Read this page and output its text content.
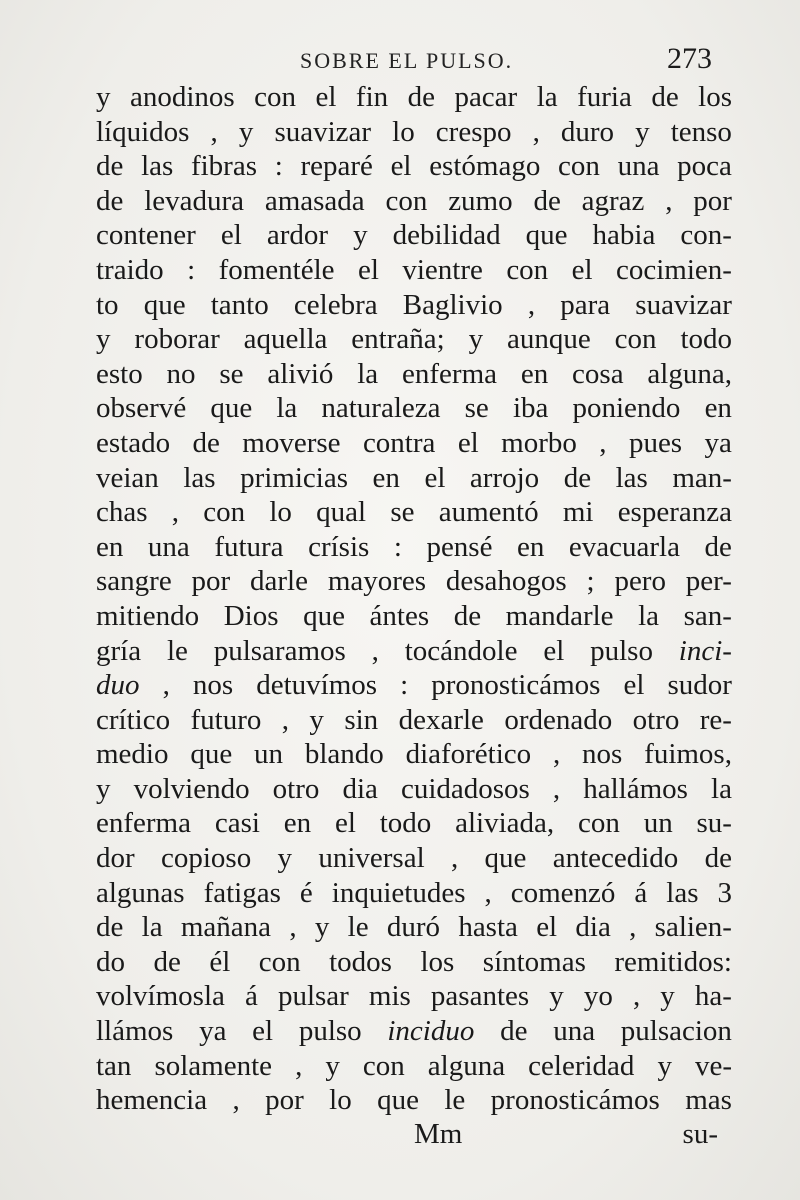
SOBRE EL PULSO.	273
y anodinos con el fin de pacar la furia de los
líquidos , y suavizar lo crespo , duro y tenso
de las fibras : reparé el estómago con una poca
de levadura amasada con zumo de agraz , por
contener el ardor y debilidad que habia con-
traido : fomentéle el vientre con el cocimien-
to que tanto celebra Baglivio , para suavizar
y roborar aquella entraña; y aunque con todo
esto no se alivió la enferma en cosa alguna,
observé que la naturaleza se iba poniendo en
estado de moverse contra el morbo , pues ya
veian las primicias en el arrojo de las man-
chas , con lo qual se aumentó mi esperanza
en una futura crísis : pensé en evacuarla de
sangre por darle mayores desahogos ; pero per-
mitiendo Dios que ántes de mandarle la san-
gría le pulsaramos , tocándole el pulso inci-
duo , nos detuvímos : pronosticámos el sudor
crítico futuro , y sin dexarle ordenado otro re-
medio que un blando diaforético , nos fuimos,
y volviendo otro dia cuidadosos , hallámos la
enferma casi en el todo aliviada, con un su-
dor copioso y universal , que antecedido de
algunas fatigas é inquietudes , comenzó á las 3
de la mañana , y le duró hasta el dia , salien-
do de él con todos los síntomas remitidos:
volvímosla á pulsar mis pasantes y yo , y ha-
llámos ya el pulso inciduo de una pulsacion
tan solamente , y con alguna celeridad y ve-
hemencia , por lo que le pronosticámos mas
Mm	su-
